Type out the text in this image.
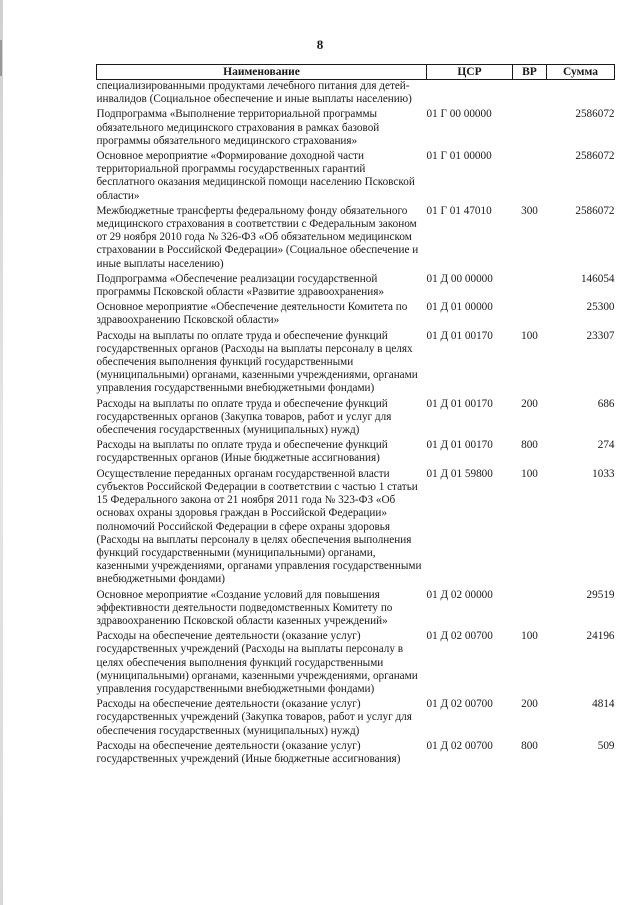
8
Наименование	ЦСР	ВР	Сумма
специализированными продуктами лечебного питания для детей-инвалидов (Социальное обеспечение и иные выплаты населению)			
Подпрограмма «Выполнение территориальной программы обязательного медицинского страхования в рамках базовой программы обязательного медицинского страхования»	01 Г 00 00000		2586072
Основное мероприятие «Формирование доходной части территориальной программы государственных гарантий бесплатного оказания медицинской помощи населению Псковской области»	01 Г 01 00000		2586072
Межбюджетные трансферты федеральному фонду обязательного медицинского страхования в соответствии с Федеральным законом от 29 ноября 2010 года № 326-ФЗ «Об обязательном медицинском страховании в Российской Федерации» (Социальное обеспечение и иные выплаты населению)	01 Г 01 47010	300	2586072
Подпрограмма «Обеспечение реализации государственной программы Псковской области «Развитие здравоохранения»	01 Д 00 00000		146054
Основное мероприятие «Обеспечение деятельности Комитета по здравоохранению Псковской области»	01 Д 01 00000		25300
Расходы на выплаты по оплате труда и обеспечение функций государственных органов (Расходы на выплаты персоналу в целях обеспечения выполнения функций государственными (муниципальными) органами, казенными учреждениями, органами управления государственными внебюджетными фондами)	01 Д 01 00170	100	23307
Расходы на выплаты по оплате труда и обеспечение функций государственных органов (Закупка товаров, работ и услуг для обеспечения государственных (муниципальных) нужд)	01 Д 01 00170	200	686
Расходы на выплаты по оплате труда и обеспечение функций государственных органов (Иные бюджетные ассигнования)	01 Д 01 00170	800	274
Осуществление переданных органам государственной власти субъектов Российской Федерации в соответствии с частью 1 статьи 15 Федерального закона от 21 ноября 2011 года № 323-ФЗ «Об основах охраны здоровья граждан в Российской Федерации» полномочий Российской Федерации в сфере охраны здоровья (Расходы на выплаты персоналу в целях обеспечения выполнения функций государственными (муниципальными) органами, казенными учреждениями, органами управления государственными внебюджетными фондами)	01 Д 01 59800	100	1033
Основное мероприятие «Создание условий для повышения эффективности деятельности подведомственных Комитету по здравоохранению Псковской области казенных учреждений»	01 Д 02 00000		29519
Расходы на обеспечение деятельности (оказание услуг) государственных учреждений (Расходы на выплаты персоналу в целях обеспечения выполнения функций государственными (муниципальными) органами, казенными учреждениями, органами управления государственными внебюджетными фондами)	01 Д 02 00700	100	24196
Расходы на обеспечение деятельности (оказание услуг) государственных учреждений (Закупка товаров, работ и услуг для обеспечения государственных (муниципальных) нужд)	01 Д 02 00700	200	4814
Расходы на обеспечение деятельности (оказание услуг) государственных учреждений (Иные бюджетные ассигнования)	01 Д 02 00700	800	509
